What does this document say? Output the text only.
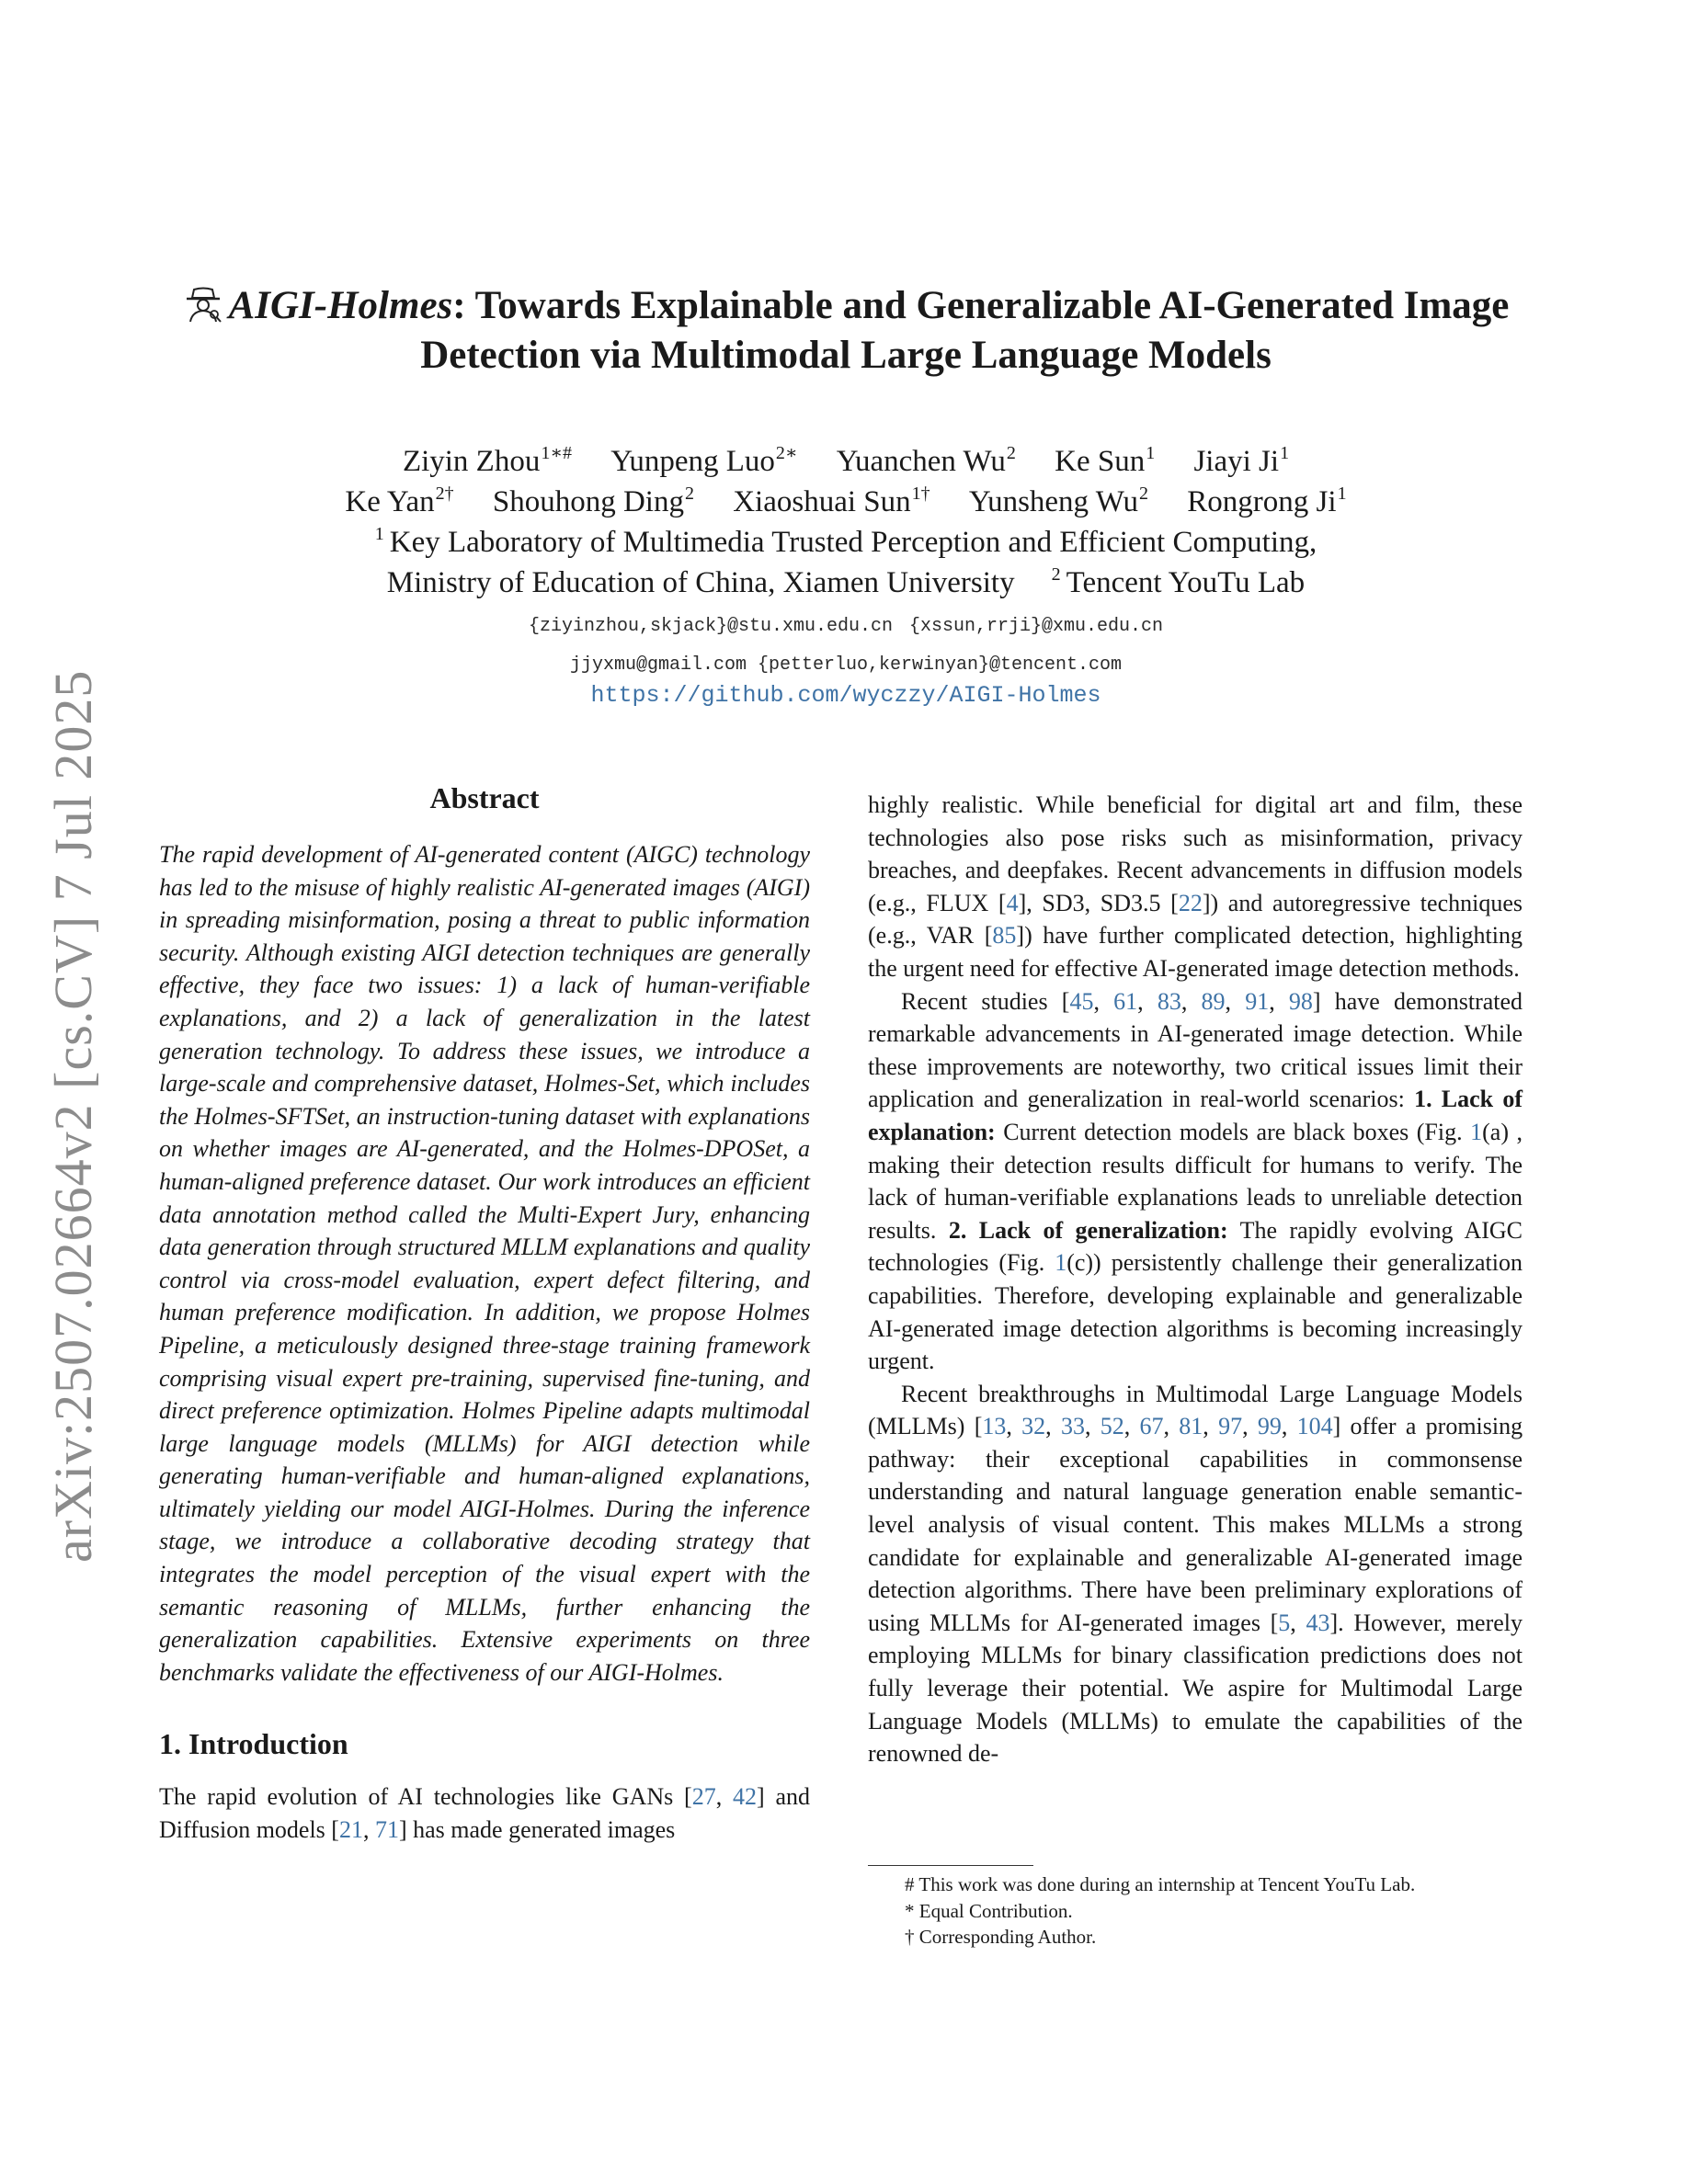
arXiv:2507.02664v2 [cs.CV] 7 Jul 2025
AIGI-Holmes: Towards Explainable and Generalizable AI-Generated Image
Detection via Multimodal Large Language Models
Ziyin Zhou$^{1∗\#}$ Yunpeng Luo$^{2∗}$ Yuanchen Wu$^2$ Ke Sun$^1$ Jiayi Ji$^1$
Ke Yan$^{2\dagger}$ Shouhong Ding$^2$ Xiaoshuai Sun$^{1\dagger}$ Yunsheng Wu$^2$ Rongrong Ji$^1$
$^1$ Key Laboratory of Multimedia Trusted Perception and Efficient Computing,
Ministry of Education of China, Xiamen University $^2$ Tencent YouTu Lab
{ziyinzhou,skjack}@stu.xmu.edu.cn {xssun,rrji}@xmu.edu.cn
jjyxmu@gmail.com {petterluo,kerwinyan}@tencent.com
https://github.com/wyczzy/AIGI-Holmes
Abstract

The rapid development of AI-generated content (AIGC) technology has led to the misuse of highly realistic AI-generated images (AIGI) in spreading misinformation, posing a threat to public information security. Although existing AIGI detection techniques are generally effective, they face two issues: 1) a lack of human-verifiable explanations, and 2) a lack of generalization in the latest generation technology. To address these issues, we introduce a large-scale and comprehensive dataset, Holmes-Set, which includes the Holmes-SFTSet, an instruction-tuning dataset with explanations on whether images are AI-generated, and the Holmes-DPOSet, a human-aligned preference dataset. Our work introduces an efficient data annotation method called the Multi-Expert Jury, enhancing data generation through structured MLLM explanations and quality control via cross-model evaluation, expert defect filtering, and human preference modification. In addition, we propose Holmes Pipeline, a meticulously designed three-stage training framework comprising visual expert pre-training, supervised fine-tuning, and direct preference optimization. Holmes Pipeline adapts multimodal large language models (MLLMs) for AIGI detection while generating human-verifiable and human-aligned explanations, ultimately yielding our model AIGI-Holmes. During the inference stage, we introduce a collaborative decoding strategy that integrates the model perception of the visual expert with the semantic reasoning of MLLMs, further enhancing the generalization capabilities. Extensive experiments on three benchmarks validate the effectiveness of our AIGI-Holmes.

1. Introduction

The rapid evolution of AI technologies like GANs [27, 42] and Diffusion models [21, 71] has made generated images

highly realistic. While beneficial for digital art and film, these technologies also pose risks such as misinformation, privacy breaches, and deepfakes. Recent advancements in diffusion models (e.g., FLUX [4], SD3, SD3.5 [22]) and autoregressive techniques (e.g., VAR [85]) have further complicated detection, highlighting the urgent need for effective AI-generated image detection methods.

Recent studies [45, 61, 83, 89, 91, 98] have demonstrated remarkable advancements in AI-generated image detection. While these improvements are noteworthy, two critical issues limit their application and generalization in real-world scenarios: 1. Lack of explanation: Current detection models are black boxes (Fig. 1(a) , making their detection results difficult for humans to verify. The lack of human-verifiable explanations leads to unreliable detection results. 2. Lack of generalization: The rapidly evolving AIGC technologies (Fig. 1(c)) persistently challenge their generalization capabilities. Therefore, developing explainable and generalizable AI-generated image detection algorithms is becoming increasingly urgent.

Recent breakthroughs in Multimodal Large Language Models (MLLMs) [13, 32, 33, 52, 67, 81, 97, 99, 104] offer a promising pathway: their exceptional capabilities in commonsense understanding and natural language generation enable semantic-level analysis of visual content. This makes MLLMs a strong candidate for explainable and generalizable AI-generated image detection algorithms. There have been preliminary explorations of using MLLMs for AI-generated images [5, 43]. However, merely employing MLLMs for binary classification predictions does not fully leverage their potential. We aspire for Multimodal Large Language Models (MLLMs) to emulate the capabilities of the renowned de-

# This work was done during an internship at Tencent YouTu Lab.
* Equal Contribution.
† Corresponding Author.
